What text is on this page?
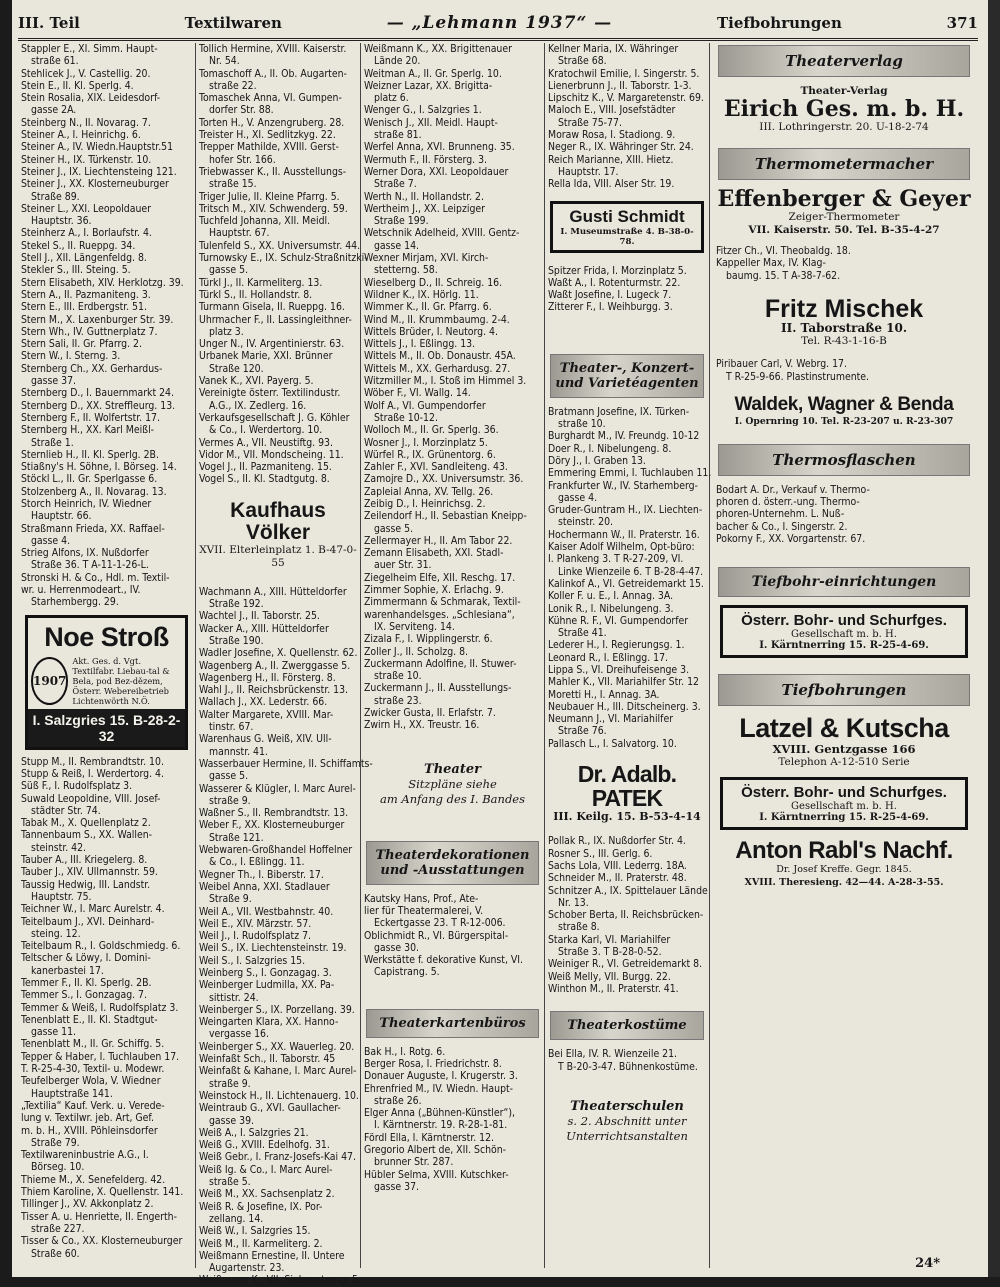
III. Teil	Textilwaren	— „Lehmann 1937“ —	Tiefbohrungen	371

Stappler E., XI. Simm. Haupt-

straße 61.

Stehlicek J., V. Castellig. 20.

Stein E., II. Kl. Sperlg. 4.

Stein Rosalia, XIX. Leidesdorf-

gasse 2A.

Steinberg N., II. Novarag. 7.

Steiner A., I. Heinrichg. 6.

Steiner A., IV. Wiedn.Hauptstr.51

Steiner H., IX. Türkenstr. 10.

Steiner J., IX. Liechtensteing 121.

Steiner J., XX. Klosterneuburger

Straße 89.

Steiner L., XXI. Leopoldauer

Hauptstr. 36.

Steinherz A., I. Borlaufstr. 4.

Stekel S., II. Rueppg. 34.

Stell J., XII. Längenfeldg. 8.

Stekler S., III. Steing. 5.

Stern Elisabeth, XIV. Herklotzg. 39.

Stern A., II. Pazmaniteng. 3.

Stern E., III. Erdbergstr. 51.

Stern M., X. Laxenburger Str. 39.

Stern Wh., IV. Guttnerplatz 7.

Stern Sali, II. Gr. Pfarrg. 2.

Stern W., I. Sterng. 3.

Sternberg Ch., XX. Gerhardus-

gasse 37.

Sternberg D., I. Bauernmarkt 24.

Sternberg D., XX. Streffleurg. 13.

Sternberg F., II. Wolfertstr. 17.

Sternberg H., XX. Karl Meißl-

Straße 1.

Sternlieb H., II. Kl. Sperlg. 2B.

Stiaßny's H. Söhne, I. Börseg. 14.

Stöckl L., II. Gr. Sperlgasse 6.

Stolzenberg A., II. Novarag. 13.

Storch Heinrich, IV. Wiedner

Hauptstr. 66.

Straßmann Frieda, XX. Raffael-

gasse 4.

Strieg Alfons, IX. Nußdorfer

Straße 36. T A-11-1-26-L.

Stronski H. & Co., Hdl. m. Textil-

wr. u. Herrenmodeart., IV.

Starhembergg. 29.

Noe Stroß
1907
Akt. Ges. d. Vgt. Textilfabr. Liebau-tal & Bela, pod Bez-dězem, Österr. Webereibetrieb Lichtenwörth N.Ö.
I. Salzgries 15. B-28-2-32

Stupp M., II. Rembrandtstr. 10.

Stupp & Reiß, I. Werdertorg. 4.

Süß F., I. Rudolfsplatz 3.

Suwald Leopoldine, VIII. Josef-

städter Str. 74.

Tabak M., X. Quellenplatz 2.

Tannenbaum S., XX. Wallen-

steinstr. 42.

Tauber A., III. Kriegelerg. 8.

Tauber J., XIV. Ullmannstr. 59.

Taussig Hedwig, III. Landstr.

Hauptstr. 75.

Teichner W., I. Marc Aurelstr. 4.

Teitelbaum J., XVI. Deinhard-

steing. 12.

Teitelbaum R., I. Goldschmiedg. 6.

Teltscher & Löwy, I. Domini-

kanerbastei 17.

Temmer F., II. Kl. Sperlg. 2B.

Temmer S., I. Gonzagag. 7.

Temmer & Weiß, I. Rudolfsplatz 3.

Tenenblatt E., II. Kl. Stadtgut-

gasse 11.

Tenenblatt M., II. Gr. Schiffg. 5.

Tepper & Haber, I. Tuchlauben 17.

T. R-25-4-30, Textil- u. Modewr.

Teufelberger Wola, V. Wiedner

Hauptstraße 141.

„Textilia“ Kauf. Verk. u. Verede-

lung v. Textilwr. jeb. Art, Gef.

m. b. H., XVIII. Pöhleinsdorfer

Straße 79.

Textilwareninbustrie A.G., I.

Börseg. 10.

Thieme M., X. Senefelderg. 42.

Thiem Karoline, X. Quellenstr. 141.

Tillinger J., XV. Akkonplatz 2.

Tisser A. u. Henriette, II. Engerth-

straße 227.

Tisser & Co., XX. Klosterneuburger

Straße 60.

Tollich Hermine, XVIII. Kaiserstr.

Nr. 54.

Tomaschoff A., II. Ob. Augarten-

straße 22.

Tomaschek Anna, VI. Gumpen-

dorfer Str. 88.

Torten H., V. Anzengruberg. 28.

Treister H., XI. Sedlitzkyg. 22.

Trepper Mathilde, XVIII. Gerst-

hofer Str. 166.

Triebwasser K., II. Ausstellungs-

straße 15.

Triger Julie, II. Kleine Pfarrg. 5.

Tritsch M., XIV. Schwenderg. 59.

Tuchfeld Johanna, XII. Meidl.

Hauptstr. 67.

Tulenfeld S., XX. Universumstr. 44.

Turnowsky E., IX. Schulz-Straßnitzki-

gasse 5.

Türkl J., II. Karmeliterg. 13.

Türkl S., II. Hollandstr. 8.

Turmann Gisela, II. Rueppg. 16.

Uhrmacher F., II. Lassingleithner-

platz 3.

Unger N., IV. Argentinierstr. 63.

Urbanek Marie, XXI. Brünner

Straße 120.

Vanek K., XVI. Payerg. 5.

Vereinigte österr. Textilindustr.

A.G., IX. Zedlerg. 16.

Verkaufsgesellschaft J. G. Köhler

& Co., I. Werdertorg. 10.

Vermes A., VII. Neustiftg. 93.

Vidor M., VII. Mondscheing. 11.

Vogel J., II. Pazmaniteng. 15.

Vogel S., II. Kl. Stadtgutg. 8.

Kaufhaus Völker
XVII. Elterleinplatz 1. B-47-0-55

Wachmann A., XIII. Hütteldorfer

Straße 192.

Wachtel J., II. Taborstr. 25.

Wacker A., XIII. Hütteldorfer

Straße 190.

Wadler Josefine, X. Quellenstr. 62.

Wagenberg A., II. Zwerggasse 5.

Wagenberg H., II. Försterg. 8.

Wahl J., II. Reichsbrückenstr. 13.

Wallach J., XX. Lederstr. 66.

Walter Margarete, XVIII. Mar-

tinstr. 67.

Warenhaus G. Weiß, XIV. Ull-

mannstr. 41.

Wasserbauer Hermine, II. Schiffamts-

gasse 5.

Wasserer & Klügler, I. Marc Aurel-

straße 9.

Waßner S., II. Rembrandtstr. 13.

Weber F., XX. Klosterneuburger

Straße 121.

Webwaren-Großhandel Hoffelner

& Co., I. Eßlingg. 11.

Wegner Th., I. Biberstr. 17.

Weibel Anna, XXI. Stadlauer

Straße 9.

Weil A., VII. Westbahnstr. 40.

Weil E., XIV. Märzstr. 57.

Weil J., I. Rudolfsplatz 7.

Weil S., IX. Liechtensteinstr. 19.

Weil S., I. Salzgries 15.

Weinberg S., I. Gonzagag. 3.

Weinberger Ludmilla, XX. Pa-

sittistr. 24.

Weinberger S., IX. Porzellang. 39.

Weingarten Klara, XX. Hanno-

vergasse 16.

Weinberger S., XX. Wauerleg. 20.

Weinfaßt Sch., II. Taborstr. 45

Weinfaßt & Kahane, I. Marc Aurel-

straße 9.

Weinstock H., II. Lichtenauerg. 10.

Weintraub G., XVI. Gaullacher-

gasse 39.

Weiß A., I. Salzgries 21.

Weiß G., XVIII. Edelhofg. 31.

Weiß Gebr., I. Franz-Josefs-Kai 47.

Weiß Ig. & Co., I. Marc Aurel-

straße 5.

Weiß M., XX. Sachsenplatz 2.

Weiß R. & Josefine, IX. Por-

zellang. 14.

Weiß W., I. Salzgries 15.

Weiß M., II. Karmeliterg. 2.

Weißmann Ernestine, II. Untere

Augartenstr. 23.

Weißmann K., VII. Siebensterng. 5.

Weißmann K., XX. Brigittenauer

Lände 20.

Weitman A., II. Gr. Sperlg. 10.

Weizner Lazar, XX. Brigitta-

platz 6.

Wenger G., I. Salzgries 1.

Wenisch J., XII. Meidl. Haupt-

straße 81.

Werfel Anna, XVI. Brunneng. 35.

Wermuth F., II. Försterg. 3.

Werner Dora, XXI. Leopoldauer

Straße 7.

Werth N., II. Hollandstr. 2.

Wertheim J., XX. Leipziger

Straße 199.

Wetschnik Adelheid, XVIII. Gentz-

gasse 14.

Wexner Mirjam, XVI. Kirch-

stetterng. 58.

Wieselberg D., II. Schreig. 16.

Wildner K., IX. Hörlg. 11.

Wimmer K., II. Gr. Pfarrg. 6.

Wind M., II. Krummbaumg. 2-4.

Wittels Brüder, I. Neutorg. 4.

Wittels J., I. Eßlingg. 13.

Wittels M., II. Ob. Donaustr. 45A.

Wittels M., XX. Gerhardusg. 27.

Witzmiller M., I. Stoß im Himmel 3.

Wöber F., VI. Wallg. 14.

Wolf A., VI. Gumpendorfer

Straße 10-12.

Wolloch M., II. Gr. Sperlg. 36.

Wosner J., I. Morzinplatz 5.

Würfel R., IX. Grünentorg. 6.

Zahler F., XVI. Sandleiteng. 43.

Zamojre D., XX. Universumstr. 36.

Zapleial Anna, XV. Tellg. 26.

Zeibig D., I. Heinrichsg. 2.

Zeilendorf H., II. Sebastian Kneipp-

gasse 5.

Zellermayer H., II. Am Tabor 22.

Zemann Elisabeth, XXI. Stadl-

auer Str. 31.

Ziegelheim Elfe, XII. Reschg. 17.

Zimmer Sophie, X. Erlachg. 9.

Zimmermann & Schmarak, Textil-

warenhandelsges. „Schlesiana“,

IX. Serviteng. 14.

Zizala F., I. Wipplingerstr. 6.

Zoller J., II. Scholzg. 8.

Zuckermann Adolfine, II. Stuwer-

straße 10.

Zuckermann J., II. Ausstellungs-

straße 23.

Zwicker Gusta, II. Erlafstr. 7.

Zwirn H., XX. Treustr. 16.

Theater
Sitzpläne siehe
am Anfang des I. Bandes
Theaterdekorationen und -Ausstattungen

Kautsky Hans, Prof., Ate-

lier für Theatermalerei, V.

Eckertgasse 23. T R-12-006.

Oblichmidt R., VI. Bürgerspital-

gasse 30.

Werkstätte f. dekorative Kunst, VI.

Capistrang. 5.

Theaterkartenbüros

Bak H., I. Rotg. 6.

Berger Rosa, I. Friedrichstr. 8.

Donauer Auguste, I. Krugerstr. 3.

Ehrenfried M., IV. Wiedn. Haupt-

straße 26.

Elger Anna („Bühnen-Künstler“),

I. Kärntnerstr. 19. R-28-1-81.

Fördl Ella, I. Kärntnerstr. 12.

Gregorio Albert de, XII. Schön-

brunner Str. 287.

Hübler Selma, XVIII. Kutschker-

gasse 37.

Kellner Maria, IX. Währinger

Straße 68.

Kratochwil Emilie, I. Singerstr. 5.

Lienerbrunn J., II. Taborstr. 1-3.

Lipschitz K., V. Margaretenstr. 69.

Maloch E., VIII. Josefstädter

Straße 75-77.

Moraw Rosa, I. Stadiong. 9.

Neger R., IX. Währinger Str. 24.

Reich Marianne, XIII. Hietz.

Hauptstr. 17.

Rella Ida, VIII. Alser Str. 19.

Gusti Schmidt
I. Museumstraße 4. B-38-0-78.

Spitzer Frida, I. Morzinplatz 5.

Waßt A., I. Rotenturmstr. 22.

Waßt Josefine, I. Lugeck 7.

Zitterer F., I. Weihburgg. 3.

Theater-, Konzert- und Varietéagenten

Bratmann Josefine, IX. Türken-

straße 10.

Burghardt M., IV. Freundg. 10-12

Doer R., I. Nibelungeng. 8.

Döry J., I. Graben 13.

Emmering Emmi, I. Tuchlauben 11.

Frankfurter W., IV. Starhemberg-

gasse 4.

Gruder-Guntram H., IX. Liechten-

steinstr. 20.

Hochermann W., II. Praterstr. 16.

Kaiser Adolf Wilhelm, Opt-büro:

I. Plankeng 3. T R-27-209, VI.

Linke Wienzeile 6. T B-28-4-47.

Kalinkof A., VI. Getreidemarkt 15.

Koller F. u. E., I. Annag. 3A.

Lonik R., I. Nibelungeng. 3.

Kühne R. F., VI. Gumpendorfer

Straße 41.

Lederer H., I. Regierungsg. 1.

Leonard R., I. Eßlingg. 17.

Lippa S., VI. Dreihufeisenge 3.

Mahler K., VII. Mariahilfer Str. 12

Moretti H., I. Annag. 3A.

Neubauer H., III. Ditscheinerg. 3.

Neumann J., VI. Mariahilfer

Straße 76.

Pallasch L., I. Salvatorg. 10.

Dr. Adalb. PATEK
III. Keilg. 15. B-53-4-14

Pollak R., IX. Nußdorfer Str. 4.

Rosner S., III. Gerlg. 6.

Sachs Lola, VIII. Lederrg. 18A.

Schneider M., II. Praterstr. 48.

Schnitzer A., IX. Spittelauer Lände

Nr. 13.

Schober Berta, II. Reichsbrücken-

straße 8.

Starka Karl, VI. Mariahilfer

Straße 3. T B-28-0-52.

Weiniger R., VI. Getreidemarkt 8.

Weiß Melly, VII. Burgg. 22.

Winthon M., II. Praterstr. 41.

Theaterkostüme

Bei Ella, IV. R. Wienzeile 21.

T B-20-3-47. Bühnenkostüme.

Theaterschulen
s. 2. Abschnitt unter
Unterrichtsanstalten
Theaterverlag
Theater-Verlag
Eirich Ges. m. b. H.
III. Lothringerstr. 20. U-18-2-74
Thermometermacher
Effenberger & Geyer
Zeiger-Thermometer
VII. Kaiserstr. 50. Tel. B-35-4-27

Fitzer Ch., VI. Theobaldg. 18.

Kappeller Max, IV. Klag-

baumg. 15. T A-38-7-62.

Fritz Mischek
II. Taborstraße 10.
Tel. R-43-1-16-B

Piribauer Carl, V. Webrg. 17.

T R-25-9-66. Plastinstrumente.

Waldek, Wagner & Benda
I. Opernring 10. Tel. R-23-207 u. R-23-307
Thermosflaschen

Bodart A. Dr., Verkauf v. Thermo-

phoren d. österr.-ung. Thermo-

phoren-Unternehm. L. Nuß-

bacher & Co., I. Singerstr. 2.

Pokorny F., XX. Vorgartenstr. 67.

Tiefbohr-einrichtungen
Österr. Bohr- und Schurfges.
Gesellschaft m. b. H.
I. Kärntnerring 15. R-25-4-69.
Tiefbohrungen
Latzel & Kutscha
XVIII. Gentzgasse 166
Telephon A-12-510 Serie
Österr. Bohr- und Schurfges.
Gesellschaft m. b. H.
I. Kärntnerring 15. R-25-4-69.
Anton Rabl's Nachf.
Dr. Josef Kreffe. Gegr. 1845.
XVIII. Theresieng. 42—44. A-28-3-55.
24*
